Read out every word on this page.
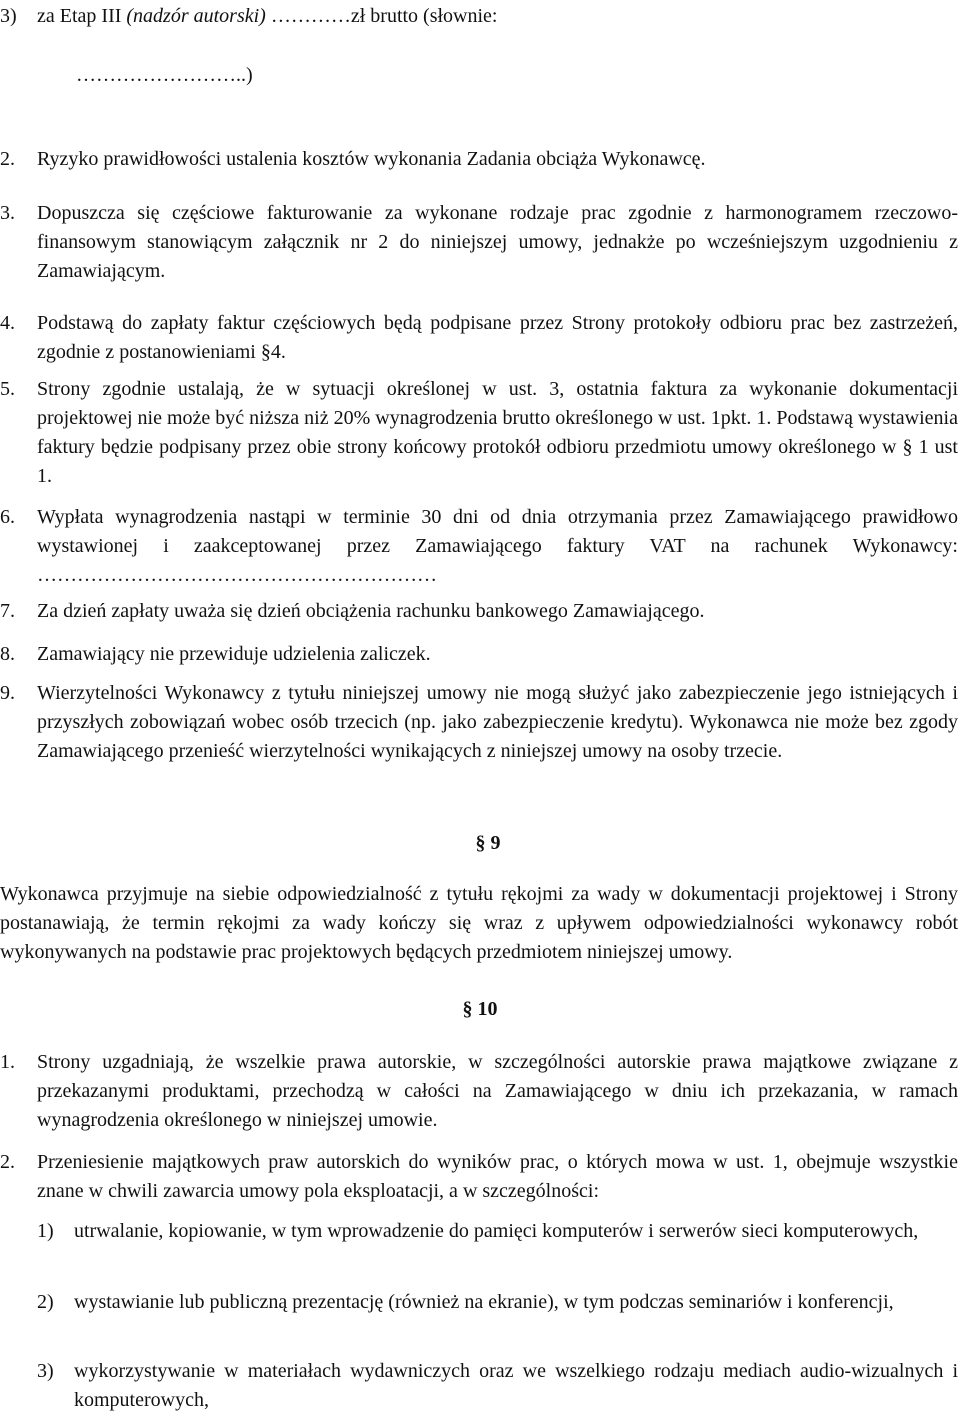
3) za Etap III (nadzór autorski) …………zł brutto (słownie:
……………………..)
2. Ryzyko prawidłowości ustalenia kosztów wykonania Zadania obciąża Wykonawcę.
3. Dopuszcza się częściowe fakturowanie za wykonane rodzaje prac zgodnie z harmonogramem rzeczowo-finansowym stanowiącym załącznik nr 2 do niniejszej umowy, jednakże po wcześniejszym uzgodnieniu z Zamawiającym.
4. Podstawą do zapłaty faktur częściowych będą podpisane przez Strony protokoły odbioru prac bez zastrzeżeń, zgodnie z postanowieniami §4.
5. Strony zgodnie ustalają, że w sytuacji określonej w ust. 3, ostatnia faktura za wykonanie dokumentacji projektowej nie może być niższa niż 20% wynagrodzenia brutto określonego w ust. 1pkt. 1. Podstawą wystawienia faktury będzie podpisany przez obie strony końcowy protokół odbioru przedmiotu umowy określonego w § 1 ust 1.
6. Wypłata wynagrodzenia nastąpi w terminie 30 dni od dnia otrzymania przez Zamawiającego prawidłowo wystawionej i zaakceptowanej przez Zamawiającego faktury VAT na rachunek Wykonawcy: ……………………………………………………
7. Za dzień zapłaty uważa się dzień obciążenia rachunku bankowego Zamawiającego.
8. Zamawiający nie przewiduje udzielenia zaliczek.
9. Wierzytelności Wykonawcy z tytułu niniejszej umowy nie mogą służyć jako zabezpieczenie jego istniejących i przyszłych zobowiązań wobec osób trzecich (np. jako zabezpieczenie kredytu). Wykonawca nie może bez zgody Zamawiającego przenieść wierzytelności wynikających z niniejszej umowy na osoby trzecie.
§ 9
Wykonawca przyjmuje na siebie odpowiedzialność z tytułu rękojmi za wady w dokumentacji projektowej i Strony postanawiają, że termin rękojmi za wady kończy się wraz z upływem odpowiedzialności wykonawcy robót wykonywanych na podstawie prac projektowych będących przedmiotem niniejszej umowy.
§ 10
1. Strony uzgadniają, że wszelkie prawa autorskie, w szczególności autorskie prawa majątkowe związane z przekazanymi produktami, przechodzą w całości na Zamawiającego w dniu ich przekazania, w ramach wynagrodzenia określonego w niniejszej umowie.
2. Przeniesienie majątkowych praw autorskich do wyników prac, o których mowa w ust. 1, obejmuje wszystkie znane w chwili zawarcia umowy pola eksploatacji, a w szczególności:
1) utrwalanie, kopiowanie, w tym wprowadzenie do pamięci komputerów i serwerów sieci komputerowych,
2) wystawianie lub publiczną prezentację (również na ekranie), w tym podczas seminariów i konferencji,
3) wykorzystywanie w materiałach wydawniczych oraz we wszelkiego rodzaju mediach audio-wizualnych i komputerowych,
